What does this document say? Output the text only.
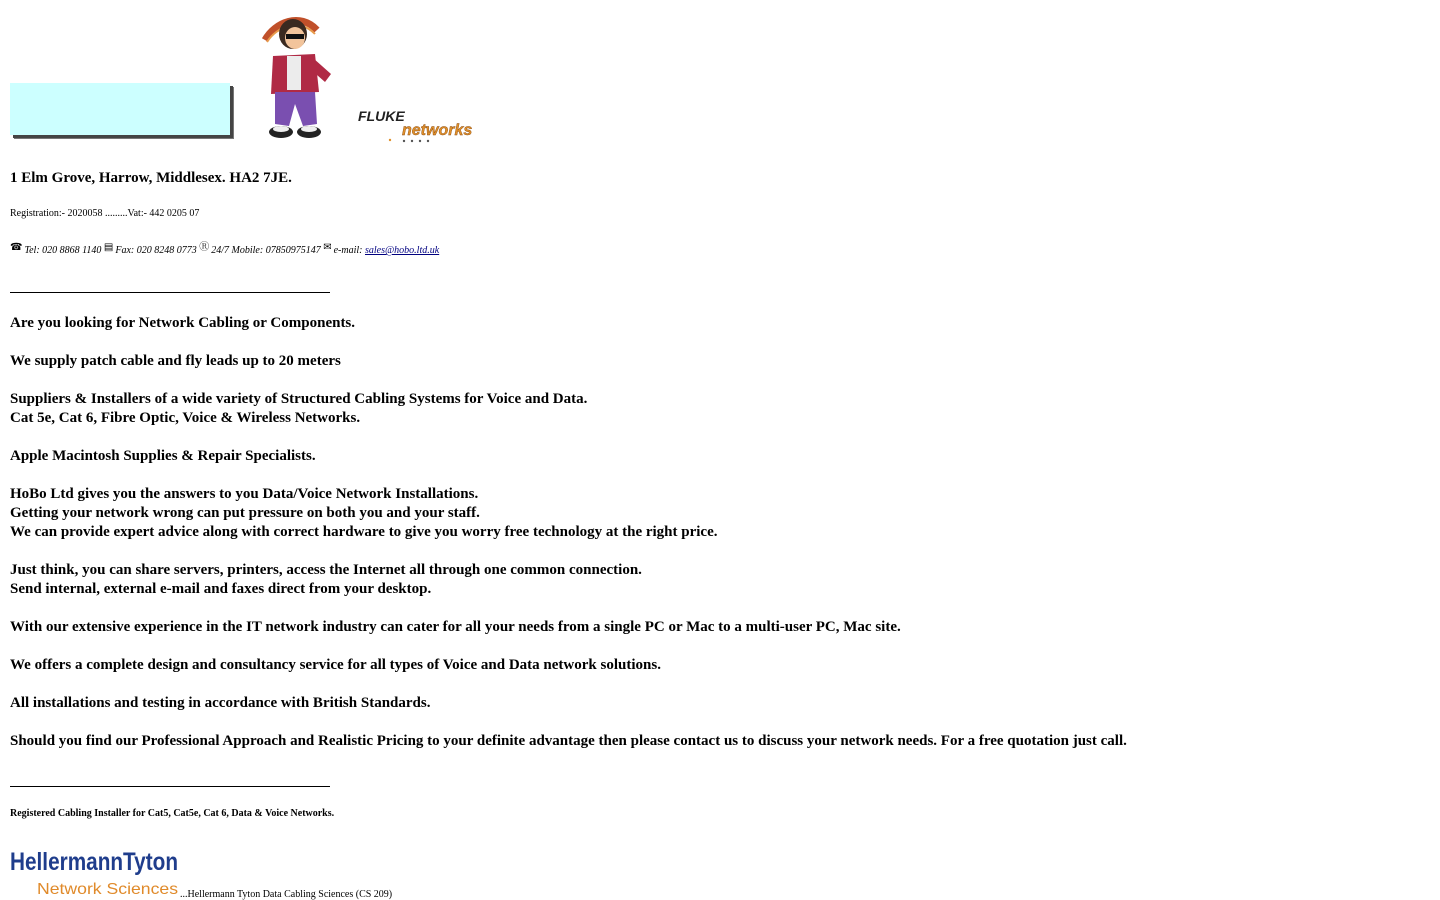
FLUKE
networks
1 Elm Grove, Harrow, Middlesex. HA2 7JE.
Registration:- 2020058 .........Vat:- 442 0205 07
☎ Tel: 020 8868 1140 ▤ Fax: 020 8248 0773 Ⓡ 24/7 Mobile: 07850975147 ✉ e-mail: sales@hobo.ltd.uk

Are you looking for Network Cabling or Components.

We supply patch cable and fly leads up to 20 meters

Suppliers & Installers of a wide variety of Structured Cabling Systems for Voice and Data.
Cat 5e, Cat 6, Fibre Optic, Voice & Wireless Networks.

Apple Macintosh Supplies & Repair Specialists.

HoBo Ltd gives you the answers to you Data/Voice Network Installations.
Getting your network wrong can put pressure on both you and your staff.
We can provide expert advice along with correct hardware to give you worry free technology at the right price.

Just think, you can share servers, printers, access the Internet all through one common connection.
Send internal, external e-mail and faxes direct from your desktop.

With our extensive experience in the IT network industry can cater for all your needs from a single PC or Mac to a multi-user PC, Mac site.

We offers a complete design and consultancy service for all types of Voice and Data network solutions.

All installations and testing in accordance with British Standards.

Should you find our Professional Approach and Realistic Pricing to your definite advantage then please contact us to discuss your network needs. For a free quotation just call.

Registered Cabling Installer for Cat5, Cat5e, Cat 6, Data & Voice Networks.
HellermannTyton
Network Sciences ...Hellermann Tyton Data Cabling Sciences (CS 209)
